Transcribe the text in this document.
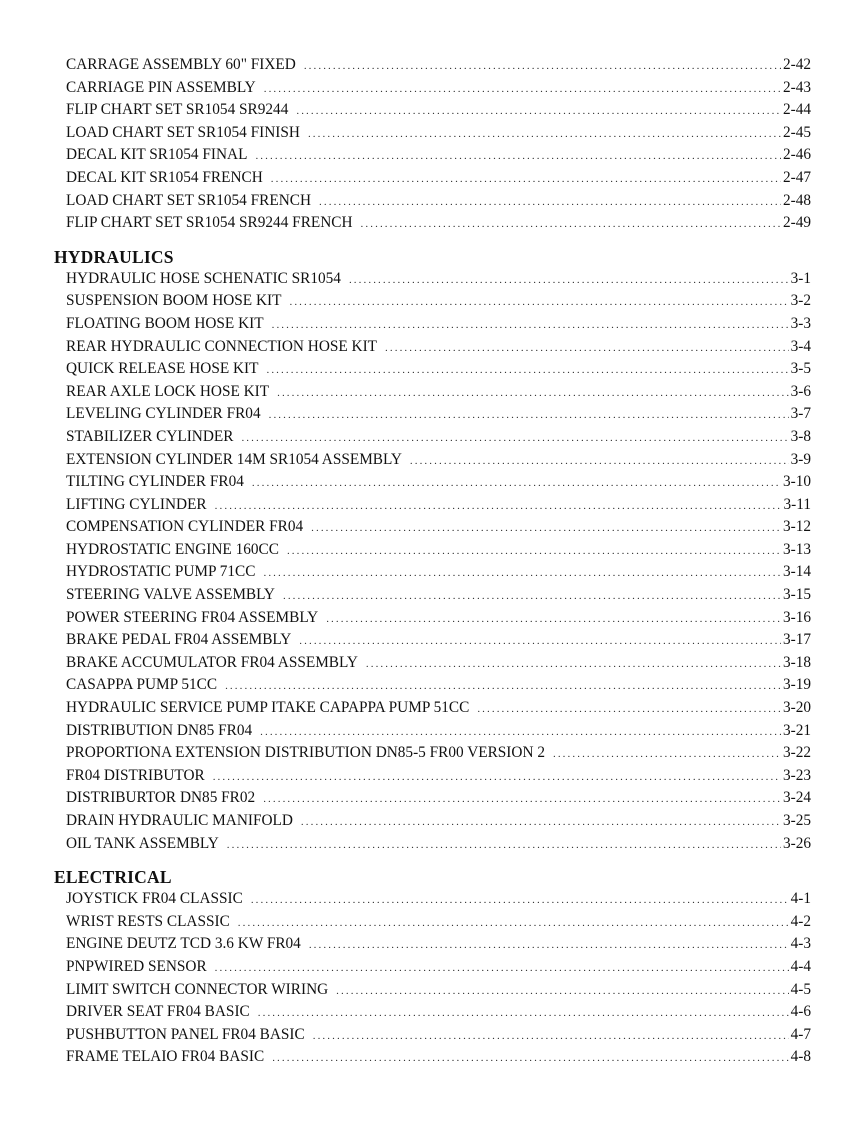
CARRAGE ASSEMBLY 60" FIXED .....	2-42
CARRIAGE PIN ASSEMBLY .....	2-43
FLIP CHART SET SR1054 SR9244 .....	2-44
LOAD CHART SET SR1054 FINISH .....	2-45
DECAL KIT SR1054 FINAL .....	2-46
DECAL KIT SR1054 FRENCH .....	2-47
LOAD CHART SET SR1054 FRENCH .....	2-48
FLIP CHART SET SR1054 SR9244 FRENCH .....	2-49
HYDRAULICS
HYDRAULIC HOSE SCHENATIC SR1054 .....	3-1
SUSPENSION BOOM HOSE KIT .....	3-2
FLOATING BOOM HOSE KIT .....	3-3
REAR HYDRAULIC CONNECTION HOSE KIT .....	3-4
QUICK RELEASE HOSE KIT .....	3-5
REAR AXLE LOCK HOSE KIT .....	3-6
LEVELING CYLINDER FR04 .....	3-7
STABILIZER CYLINDER .....	3-8
EXTENSION CYLINDER 14M SR1054 ASSEMBLY .....	3-9
TILTING CYLINDER FR04 .....	3-10
LIFTING CYLINDER .....	3-11
COMPENSATION CYLINDER FR04 .....	3-12
HYDROSTATIC ENGINE 160CC .....	3-13
HYDROSTATIC PUMP 71CC .....	3-14
STEERING VALVE ASSEMBLY .....	3-15
POWER STEERING FR04 ASSEMBLY .....	3-16
BRAKE PEDAL FR04 ASSEMBLY .....	3-17
BRAKE ACCUMULATOR FR04 ASSEMBLY .....	3-18
CASAPPA PUMP 51CC .....	3-19
HYDRAULIC SERVICE PUMP ITAKE CAPAPPA PUMP 51CC .....	3-20
DISTRIBUTION DN85 FR04 .....	3-21
PROPORTIONA EXTENSION DISTRIBUTION DN85-5 FR00 VERSION 2 .....	3-22
FR04 DISTRIBUTOR .....	3-23
DISTRIBURTOR DN85 FR02 .....	3-24
DRAIN HYDRAULIC MANIFOLD .....	3-25
OIL TANK ASSEMBLY .....	3-26
ELECTRICAL
JOYSTICK FR04 CLASSIC .....	4-1
WRIST RESTS CLASSIC .....	4-2
ENGINE DEUTZ TCD 3.6 KW FR04 .....	4-3
PNPWIRED SENSOR .....	4-4
LIMIT SWITCH CONNECTOR WIRING .....	4-5
DRIVER SEAT FR04 BASIC .....	4-6
PUSHBUTTON PANEL FR04 BASIC .....	4-7
FRAME TELAIO FR04 BASIC .....	4-8
